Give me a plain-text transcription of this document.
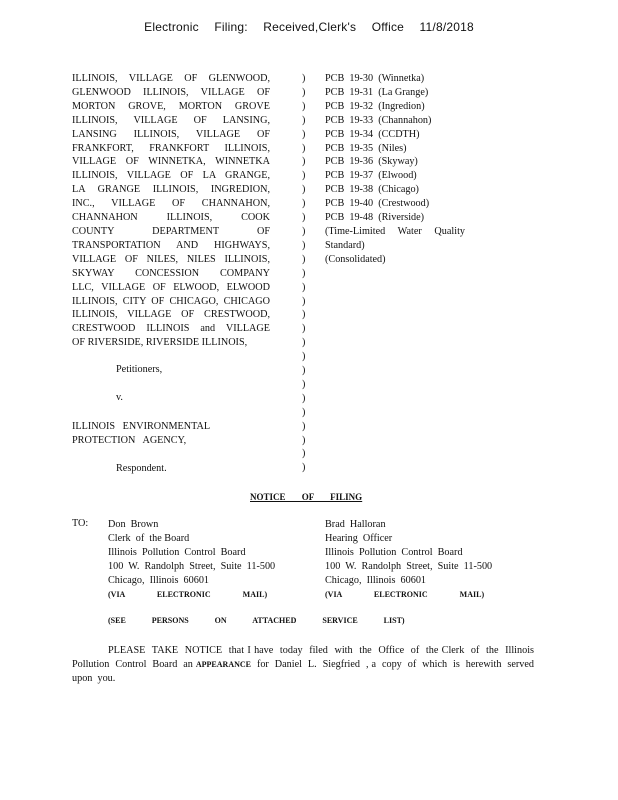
Electronic Filing: Received,Clerk's Office 11/8/2018
ILLINOIS, VILLAGE OF GLENWOOD,
GLENWOOD ILLINOIS, VILLAGE OF
MORTON GROVE, MORTON GROVE
ILLINOIS, VILLAGE OF LANSING,
LANSING ILLINOIS, VILLAGE OF
FRANKFORT, FRANKFORT ILLINOIS,
VILLAGE OF WINNETKA, WINNETKA
ILLINOIS, VILLAGE OF LA GRANGE,
LA GRANGE ILLINOIS, INGREDION,
INC., VILLAGE OF CHANNAHON,
CHANNAHON ILLINOIS, COOK
COUNTY DEPARTMENT OF
TRANSPORTATION AND HIGHWAYS,
VILLAGE OF NILES, NILES ILLINOIS,
SKYWAY CONCESSION COMPANY
LLC, VILLAGE OF ELWOOD, ELWOOD
ILLINOIS, CITY OF CHICAGO, CHICAGO
ILLINOIS, VILLAGE OF CRESTWOOD,
CRESTWOOD ILLINOIS and VILLAGE
OF RIVERSIDE, RIVERSIDE ILLINOIS,
)
)
)
)
)
)
)
)
)
)
)
)
)
)
)
)
)
)
)
)
)
)
)
)
)
)
)
)
)
PCB  19-30  (Winnetka)
PCB  19-31  (La Grange)
PCB  19-32  (Ingredion)
PCB  19-33  (Channahon)
PCB  19-34  (CCDTH)
PCB  19-35  (Niles)
PCB  19-36  (Skyway)
PCB  19-37  (Elwood)
PCB  19-38  (Chicago)
PCB  19-40  (Crestwood)
PCB  19-48  (Riverside)
(Time-Limited Water Quality
Standard)
(Consolidated)
Petitioners,
v.
ILLINOIS   ENVIRONMENTAL
PROTECTION   AGENCY,
Respondent.
NOTICE OF FILING
TO: Don  Brown
Clerk  of  the Board
Illinois  Pollution  Control  Board
100  W.  Randolph  Street,  Suite  11-500
Chicago,  Illinois  60601
(VIA ELECTRONIC MAIL)
Brad  Halloran
Hearing  Officer
Illinois  Pollution  Control  Board
100  W.  Randolph  Street,  Suite  11-500
Chicago,  Illinois  60601
(VIA ELECTRONIC MAIL)
(SEE PERSONS ON ATTACHED SERVICE LIST)
PLEASE  TAKE  NOTICE  that I have  today  filed  with  the  Office  of  the Clerk  of  the  Illinois  Pollution  Control  Board  an APPEARANCE  for  Daniel  L.  Siegfried  , a  copy  of  which  is  herewith  served  upon  you.
